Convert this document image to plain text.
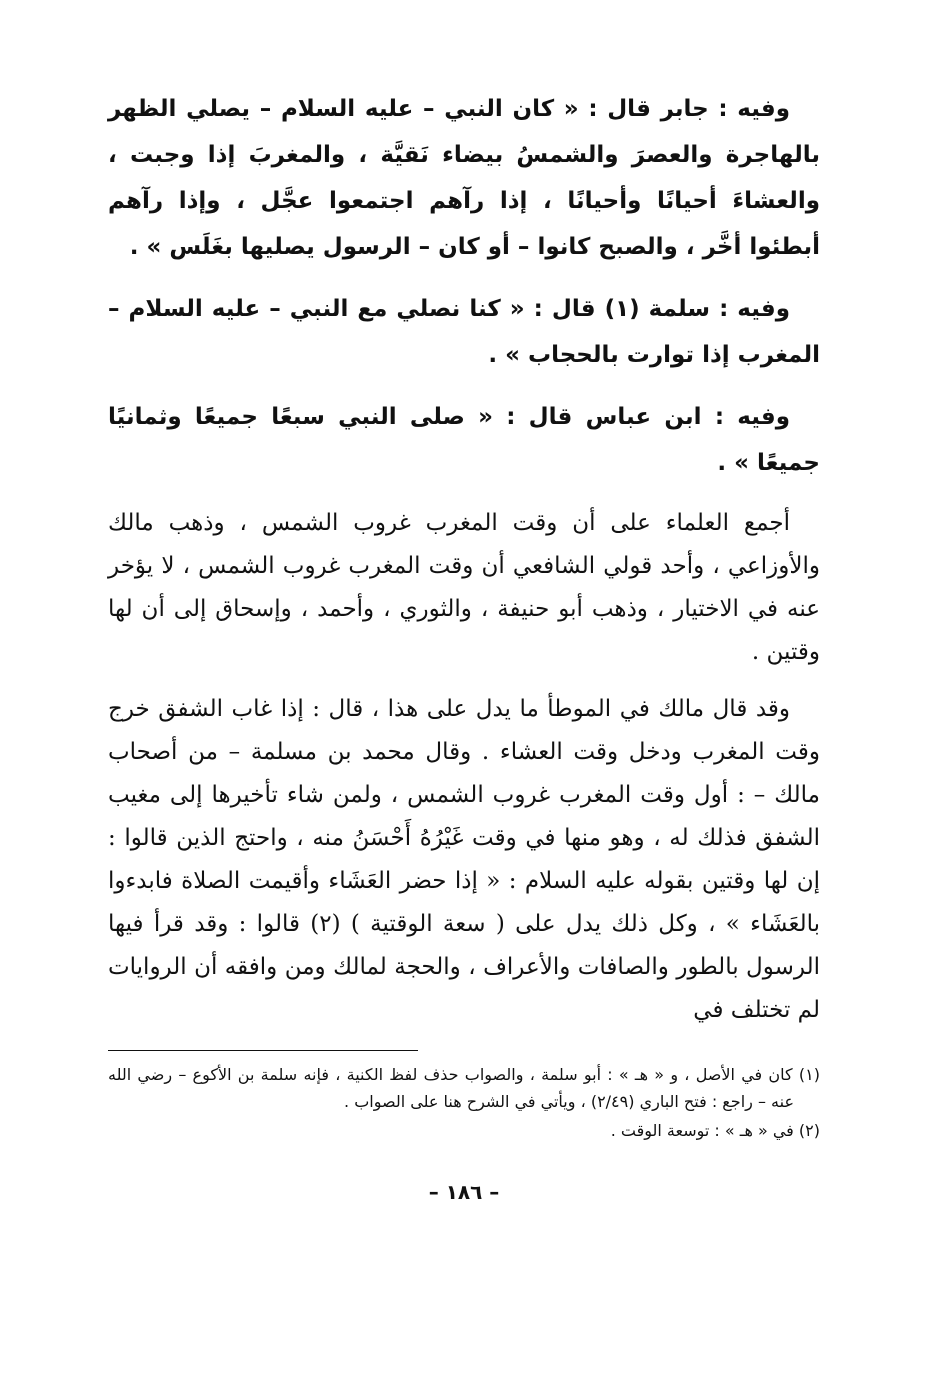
وفيه : جابر قال : « كان النبي – عليه السلام – يصلي الظهر بالهاجرة والعصرَ والشمسُ بيضاء نَقيَّة ، والمغربَ إذا وجبت ، والعشاءَ أحيانًا وأحيانًا ، إذا رآهم اجتمعوا عجَّل ، وإذا رآهم أبطئوا أخَّر ، والصبح كانوا – أو كان – الرسول يصليها بغَلَس » .

وفيه : سلمة (١) قال : « كنا نصلي مع النبي – عليه السلام – المغرب إذا توارت بالحجاب » .

وفيه : ابن عباس قال : « صلى النبي سبعًا جميعًا وثمانيًا جميعًا » .

أجمع العلماء على أن وقت المغرب غروب الشمس ، وذهب مالك والأوزاعي ، وأحد قولي الشافعي أن وقت المغرب غروب الشمس ، لا يؤخر عنه في الاختيار ، وذهب أبو حنيفة ، والثوري ، وأحمد ، وإسحاق إلى أن لها وقتين .

وقد قال مالك في الموطأ ما يدل على هذا ، قال : إذا غاب الشفق خرج وقت المغرب ودخل وقت العشاء . وقال محمد بن مسلمة – من أصحاب مالك – : أول وقت المغرب غروب الشمس ، ولمن شاء تأخيرها إلى مغيب الشفق فذلك له ، وهو منها في وقت غَيْرُهُ أَحْسَنُ منه ، واحتج الذين قالوا : إن لها وقتين بقوله عليه السلام : « إذا حضر العَشَاء وأقيمت الصلاة فابدءوا بالعَشَاء » ، وكل ذلك يدل على ( سعة الوقتية ) (٢) قالوا : وقد قرأ فيها الرسول بالطور والصافات والأعراف ، والحجة لمالك ومن وافقه أن الروايات لم تختلف في

(١) كان في الأصل ، و « هـ » : أبو سلمة ، والصواب حذف لفظ الكنية ، فإنه سلمة بن الأكوع – رضي الله عنه – راجع : فتح الباري (٢/٤٩) ، ويأتي في الشرح هنا على الصواب .

(٢) في « هـ » : توسعة الوقت .

– ١٨٦ –
